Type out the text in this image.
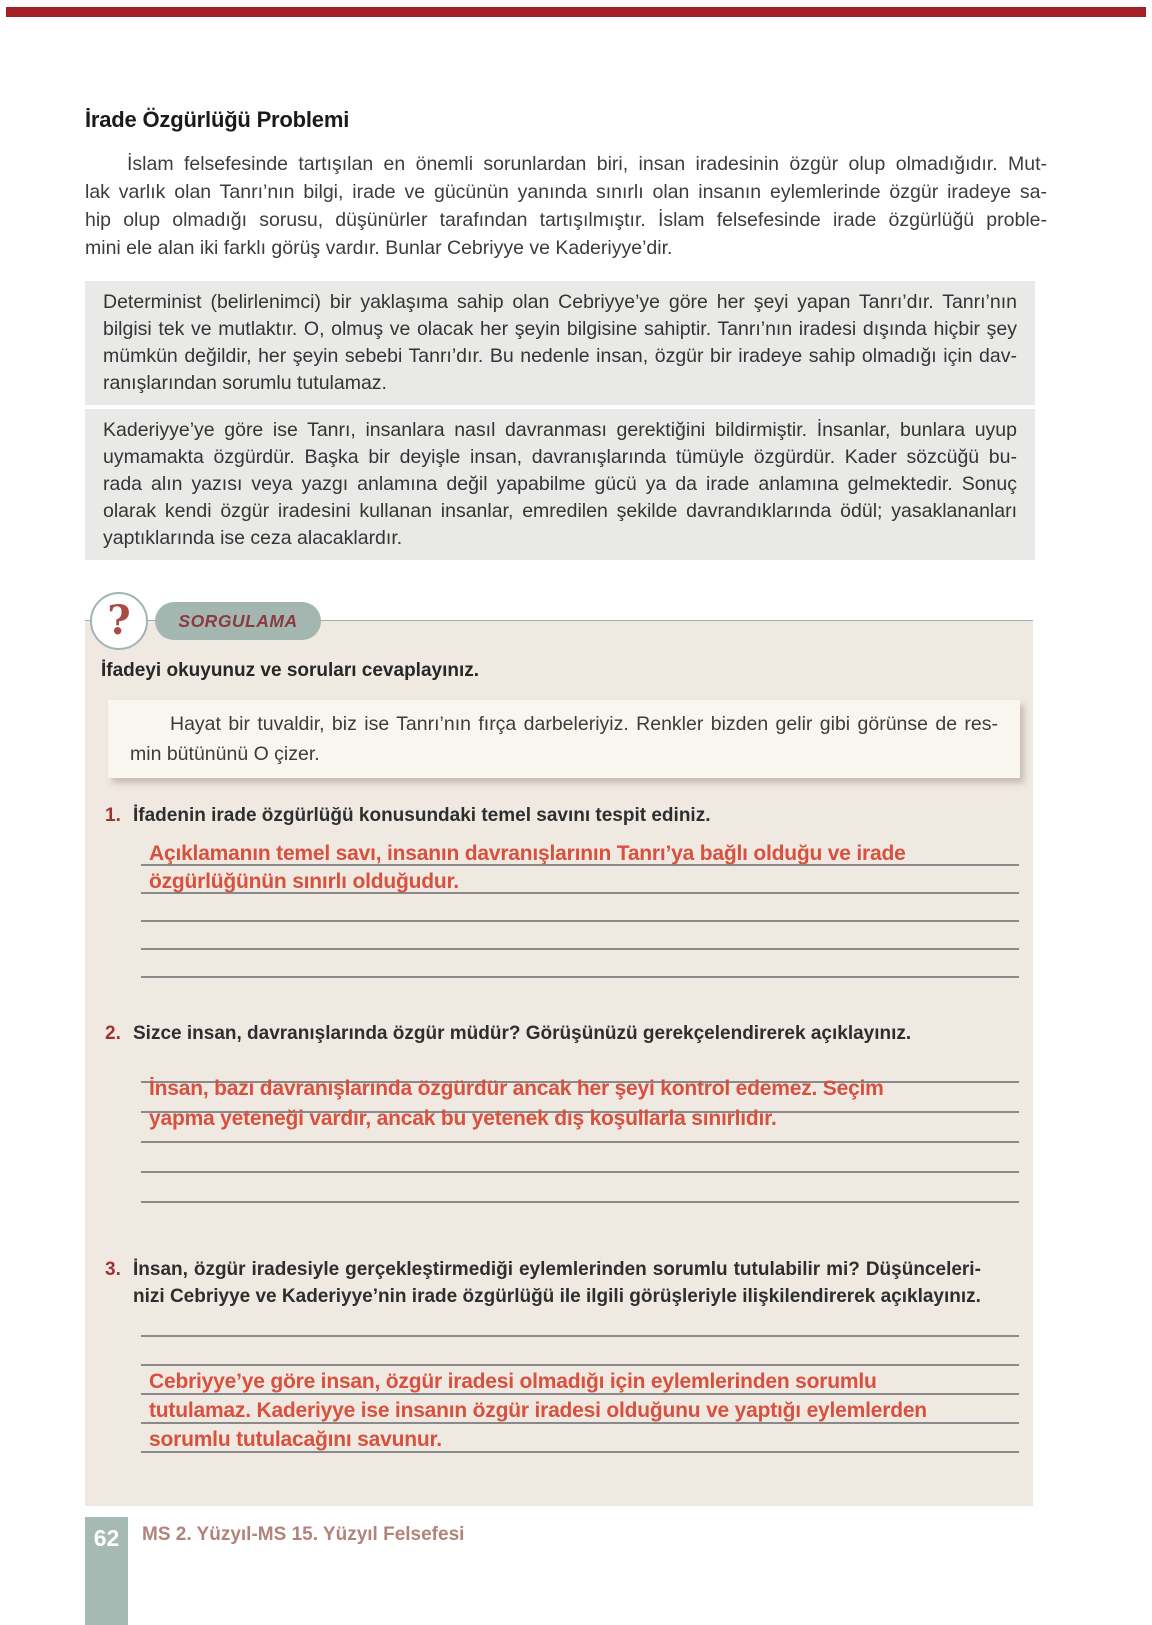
İrade Özgürlüğü Problemi
İslam felsefesinde tartışılan en önemli sorunlardan biri, insan iradesinin özgür olup olmadığıdır. Mut-
lak varlık olan Tanrı’nın bilgi, irade ve gücünün yanında sınırlı olan insanın eylemlerinde özgür iradeye sa-
hip olup olmadığı sorusu, düşünürler tarafından tartışılmıştır. İslam felsefesinde irade özgürlüğü proble-
mini ele alan iki farklı görüş vardır. Bunlar Cebriyye ve Kaderiyye’dir.
Determinist (belirlenimci) bir yaklaşıma sahip olan Cebriyye’ye göre her şeyi yapan Tanrı’dır. Tanrı’nın
bilgisi tek ve mutlaktır. O, olmuş ve olacak her şeyin bilgisine sahiptir. Tanrı’nın iradesi dışında hiçbir şey
mümkün değildir, her şeyin sebebi Tanrı’dır. Bu nedenle insan, özgür bir iradeye sahip olmadığı için dav-
ranışlarından sorumlu tutulamaz.
Kaderiyye’ye göre ise Tanrı, insanlara nasıl davranması gerektiğini bildirmiştir. İnsanlar, bunlara uyup
uymamakta özgürdür. Başka bir deyişle insan, davranışlarında tümüyle özgürdür. Kader sözcüğü bu-
rada alın yazısı veya yazgı anlamına değil yapabilme gücü ya da irade anlamına gelmektedir. Sonuç
olarak kendi özgür iradesini kullanan insanlar, emredilen şekilde davrandıklarında ödül; yasaklananları
yaptıklarında ise ceza alacaklardır.
?	SORGULAMA
İfadeyi okuyunuz ve soruları cevaplayınız.
Hayat bir tuvaldir, biz ise Tanrı’nın fırça darbeleriyiz. Renkler bizden gelir gibi görünse de res-
min bütününü O çizer.
1. İfadenin irade özgürlüğü konusundaki temel savını tespit ediniz.
Açıklamanın temel savı, insanın davranışlarının Tanrı’ya bağlı olduğu ve irade
özgürlüğünün sınırlı olduğudur.
2. Sizce insan, davranışlarında özgür müdür? Görüşünüzü gerekçelendirerek açıklayınız.
İnsan, bazı davranışlarında özgürdür ancak her şeyi kontrol edemez. Seçim
yapma yeteneği vardır, ancak bu yetenek dış koşullarla sınırlıdır.
3. İnsan, özgür iradesiyle gerçekleştirmediği eylemlerinden sorumlu tutulabilir mi? Düşünceleri-
nizi Cebriyye ve Kaderiyye’nin irade özgürlüğü ile ilgili görüşleriyle ilişkilendirerek açıklayınız.
Cebriyye’ye göre insan, özgür iradesi olmadığı için eylemlerinden sorumlu
tutulamaz. Kaderiyye ise insanın özgür iradesi olduğunu ve yaptığı eylemlerden
sorumlu tutulacağını savunur.
62	MS 2. Yüzyıl-MS 15. Yüzyıl Felsefesi
